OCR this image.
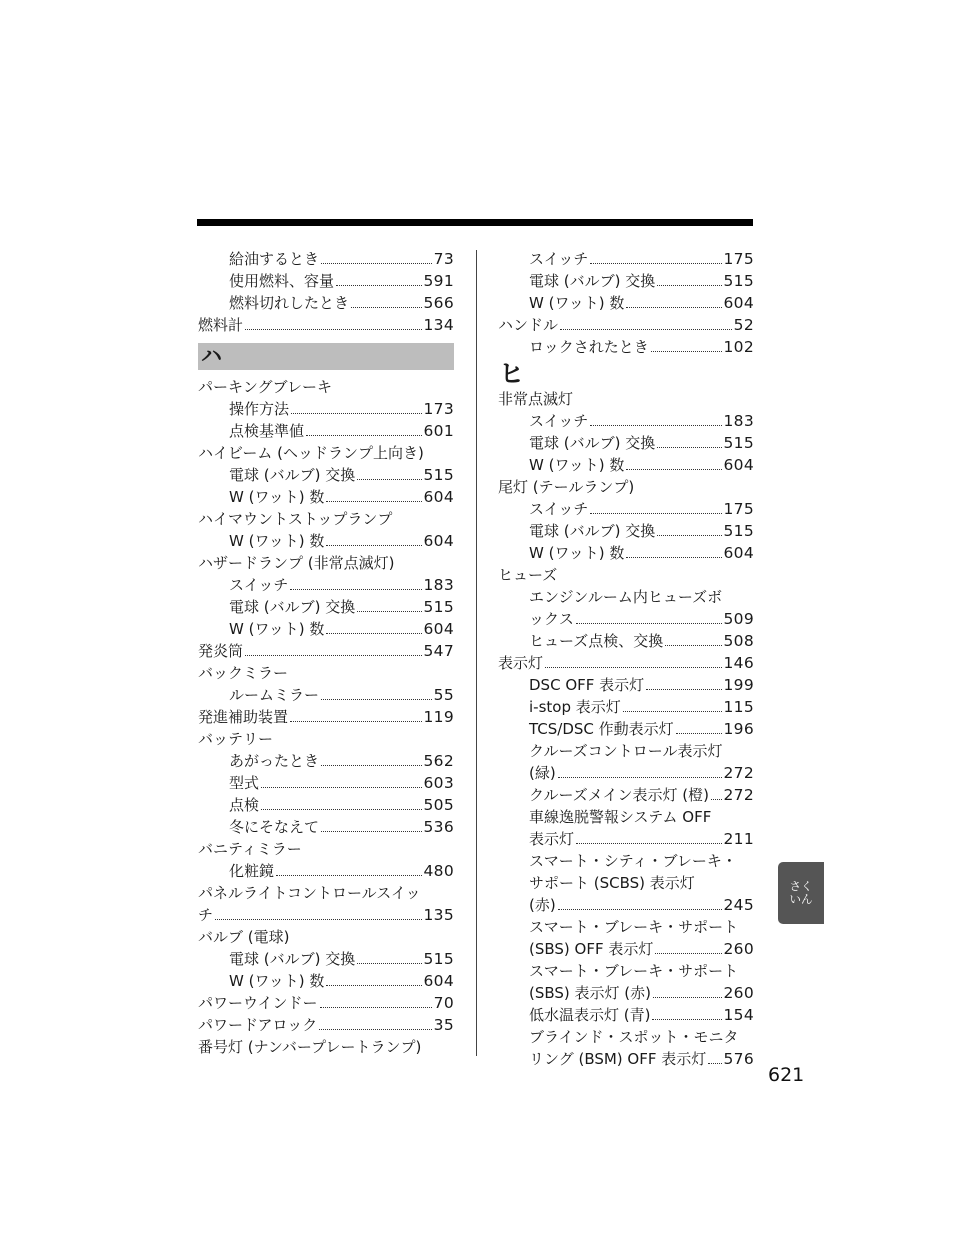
給油するとき	73
使用燃料、容量	591
燃料切れしたとき	566
燃料計	134
ハ
パーキングブレーキ
操作方法	173
点検基準値	601
ハイビーム (ヘッドランプ上向き)
電球 (バルブ) 交換	515
W (ワット) 数	604
ハイマウントストップランプ
W (ワット) 数	604
ハザードランプ (非常点滅灯)
スイッチ	183
電球 (バルブ) 交換	515
W (ワット) 数	604
発炎筒	547
バックミラー
ルームミラー	55
発進補助装置	119
バッテリー
あがったとき	562
型式	603
点検	505
冬にそなえて	536
バニティミラー
化粧鏡	480
パネルライトコントロールスイッ
チ	135
バルブ (電球)
電球 (バルブ) 交換	515
W (ワット) 数	604
パワーウインドー	70
パワードアロック	35
番号灯 (ナンバープレートランプ)
スイッチ	175
電球 (バルブ) 交換	515
W (ワット) 数	604
ハンドル	52
ロックされたとき	102
ヒ
非常点滅灯
スイッチ	183
電球 (バルブ) 交換	515
W (ワット) 数	604
尾灯 (テールランプ)
スイッチ	175
電球 (バルブ) 交換	515
W (ワット) 数	604
ヒューズ
エンジンルーム内ヒューズボ
ックス	509
ヒューズ点検、交換	508
表示灯	146
DSC OFF 表示灯	199
i-stop 表示灯	115
TCS/DSC 作動表示灯	196
クルーズコントロール表示灯
(緑)	272
クルーズメイン表示灯 (橙) 272
車線逸脱警報システム OFF
表示灯	211
スマート・シティ・ブレーキ・
サポート (SCBS) 表示灯
(赤)	245
スマート・ブレーキ・サポート
(SBS) OFF 表示灯	260
スマート・ブレーキ・サポート
(SBS) 表示灯 (赤)	260
低水温表示灯 (青)	154
ブラインド・スポット・モニタ
リング (BSM) OFF 表示灯 576
さく
いん
621
